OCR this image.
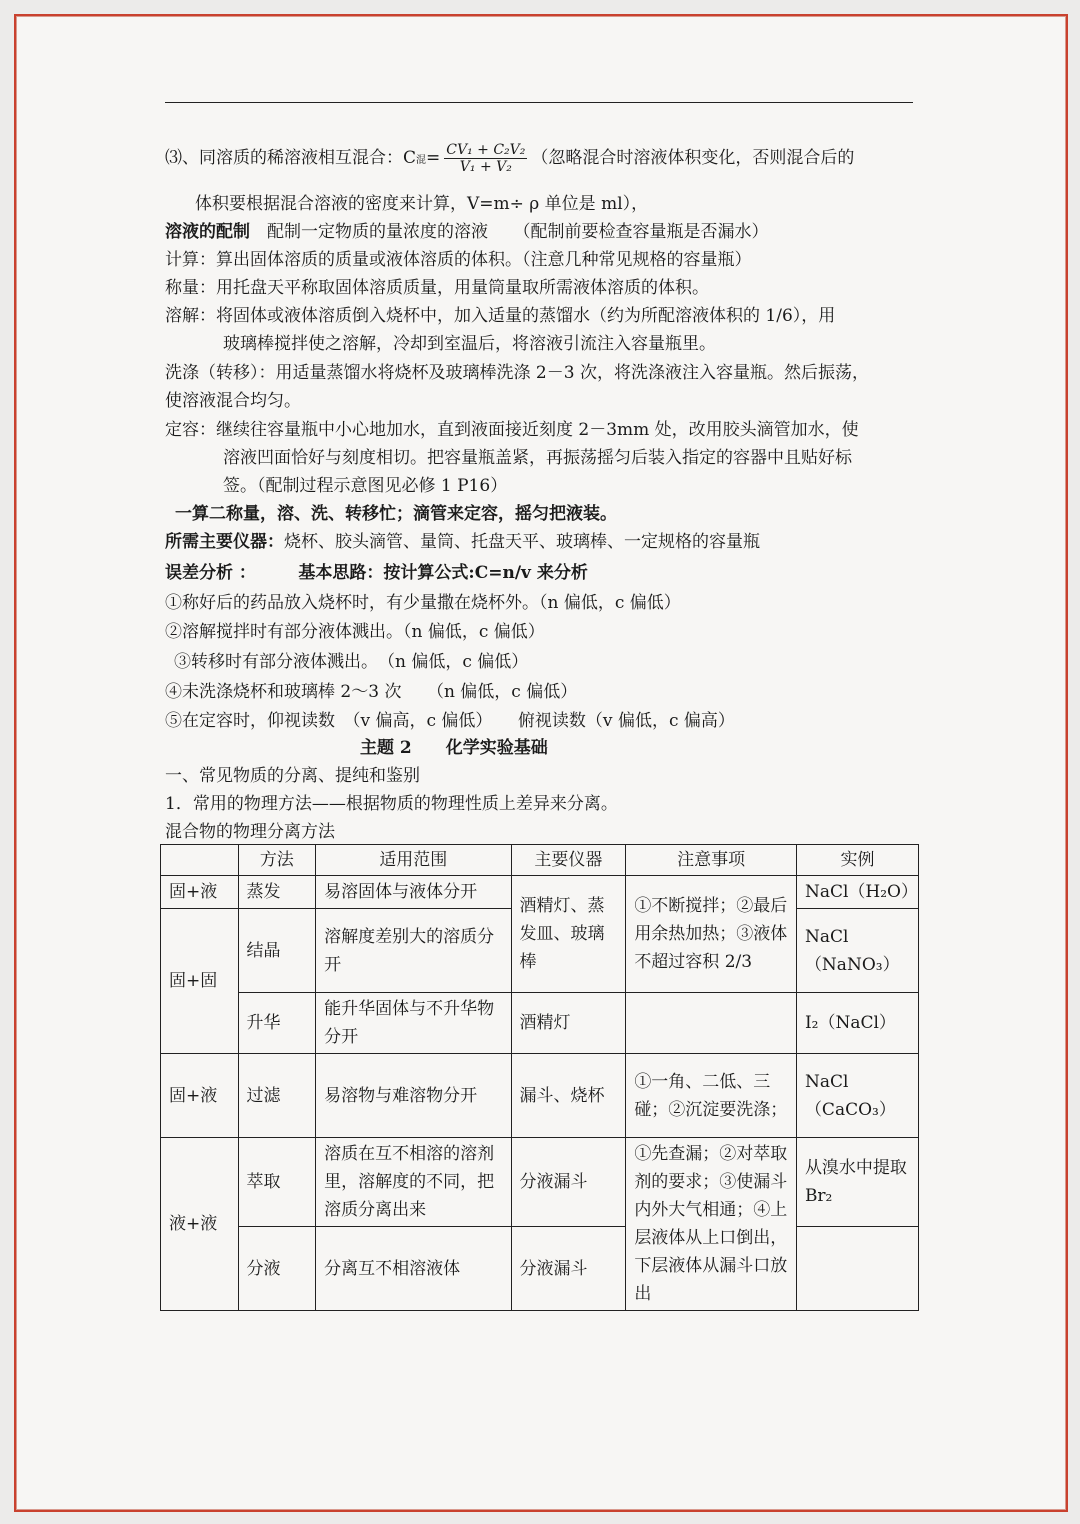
⑶、同溶质的稀溶液相互混合：C混= $\frac{\text{CV₁ + C₂V₂}}{\text{V₁ + V₂}}$ （忽略混合时溶液体积变化，否则混合后的
体积要根据混合溶液的密度来计算，V=m÷ ρ 单位是 ml），
溶液的配制　 配制一定物质的量浓度的溶液　　（配制前要检查容量瓶是否漏水）
计算：算出固体溶质的质量或液体溶质的体积。（注意几种常见规格的容量瓶）
称量：用托盘天平称取固体溶质质量，用量筒量取所需液体溶质的体积。
溶解：将固体或液体溶质倒入烧杯中，加入适量的蒸馏水（约为所配溶液体积的 1/6），用
玻璃棒搅拌使之溶解，冷却到室温后，将溶液引流注入容量瓶里。
洗涤（转移）：用适量蒸馏水将烧杯及玻璃棒洗涤 2－3 次，将洗涤液注入容量瓶。然后振荡，
使溶液混合均匀。
定容：继续往容量瓶中小心地加水，直到液面接近刻度 2－3mm 处，改用胶头滴管加水，使
溶液凹面恰好与刻度相切。把容量瓶盖紧，再振荡摇匀后装入指定的容器中且贴好标
签。（配制过程示意图见必修 1 P16）
一算二称量，溶、洗、转移忙；滴管来定容，摇匀把液装。
所需主要仪器：烧杯、胶头滴管、量筒、托盘天平、玻璃棒、一定规格的容量瓶
误差分析 ：　　　	基本思路：按计算公式:C=n/v 来分析
①称好后的药品放入烧杯时，有少量撒在烧杯外。（n 偏低，c 偏低）
②溶解搅拌时有部分液体溅出。（n 偏低，c 偏低）
③转移时有部分液体溅出。　（n 偏低，c 偏低）
④未洗涤烧杯和玻璃棒 2～3 次　　（n 偏低，c 偏低）
⑤在定容时，仰视读数　（v 偏高，c 偏低）　　俯视读数（v 偏低，c 偏高）
主题 2　　化学实验基础
一、常见物质的分离、提纯和鉴别
1．常用的物理方法——根据物质的物理性质上差异来分离。
混合物的物理分离方法
	方法	适用范围	主要仪器	注意事项	实例
固+液	蒸发	易溶固体与液体分开	酒精灯、蒸发皿、玻璃棒	①不断搅拌；②最后用余热加热；③液体不超过容积 2/3	NaCl（H₂O）
固+固	结晶	溶解度差别大的溶质分开			NaCl（NaNO₃）
	升华	能升华固体与不升华物分开	酒精灯		I₂（NaCl）
固+液	过滤	易溶物与难溶物分开	漏斗、烧杯	①一角、二低、三碰；②沉淀要洗涤；	NaCl（CaCO₃）
液+液	萃取	溶质在互不相溶的溶剂里，溶解度的不同，把溶质分离出来	分液漏斗	①先查漏；②对萃取剂的要求；③使漏斗内外大气相通；④上层液体从上口倒出，下层液体从漏斗口放出	从溴水中提取 Br₂
	分液	分离互不相溶液体	分液漏斗		
